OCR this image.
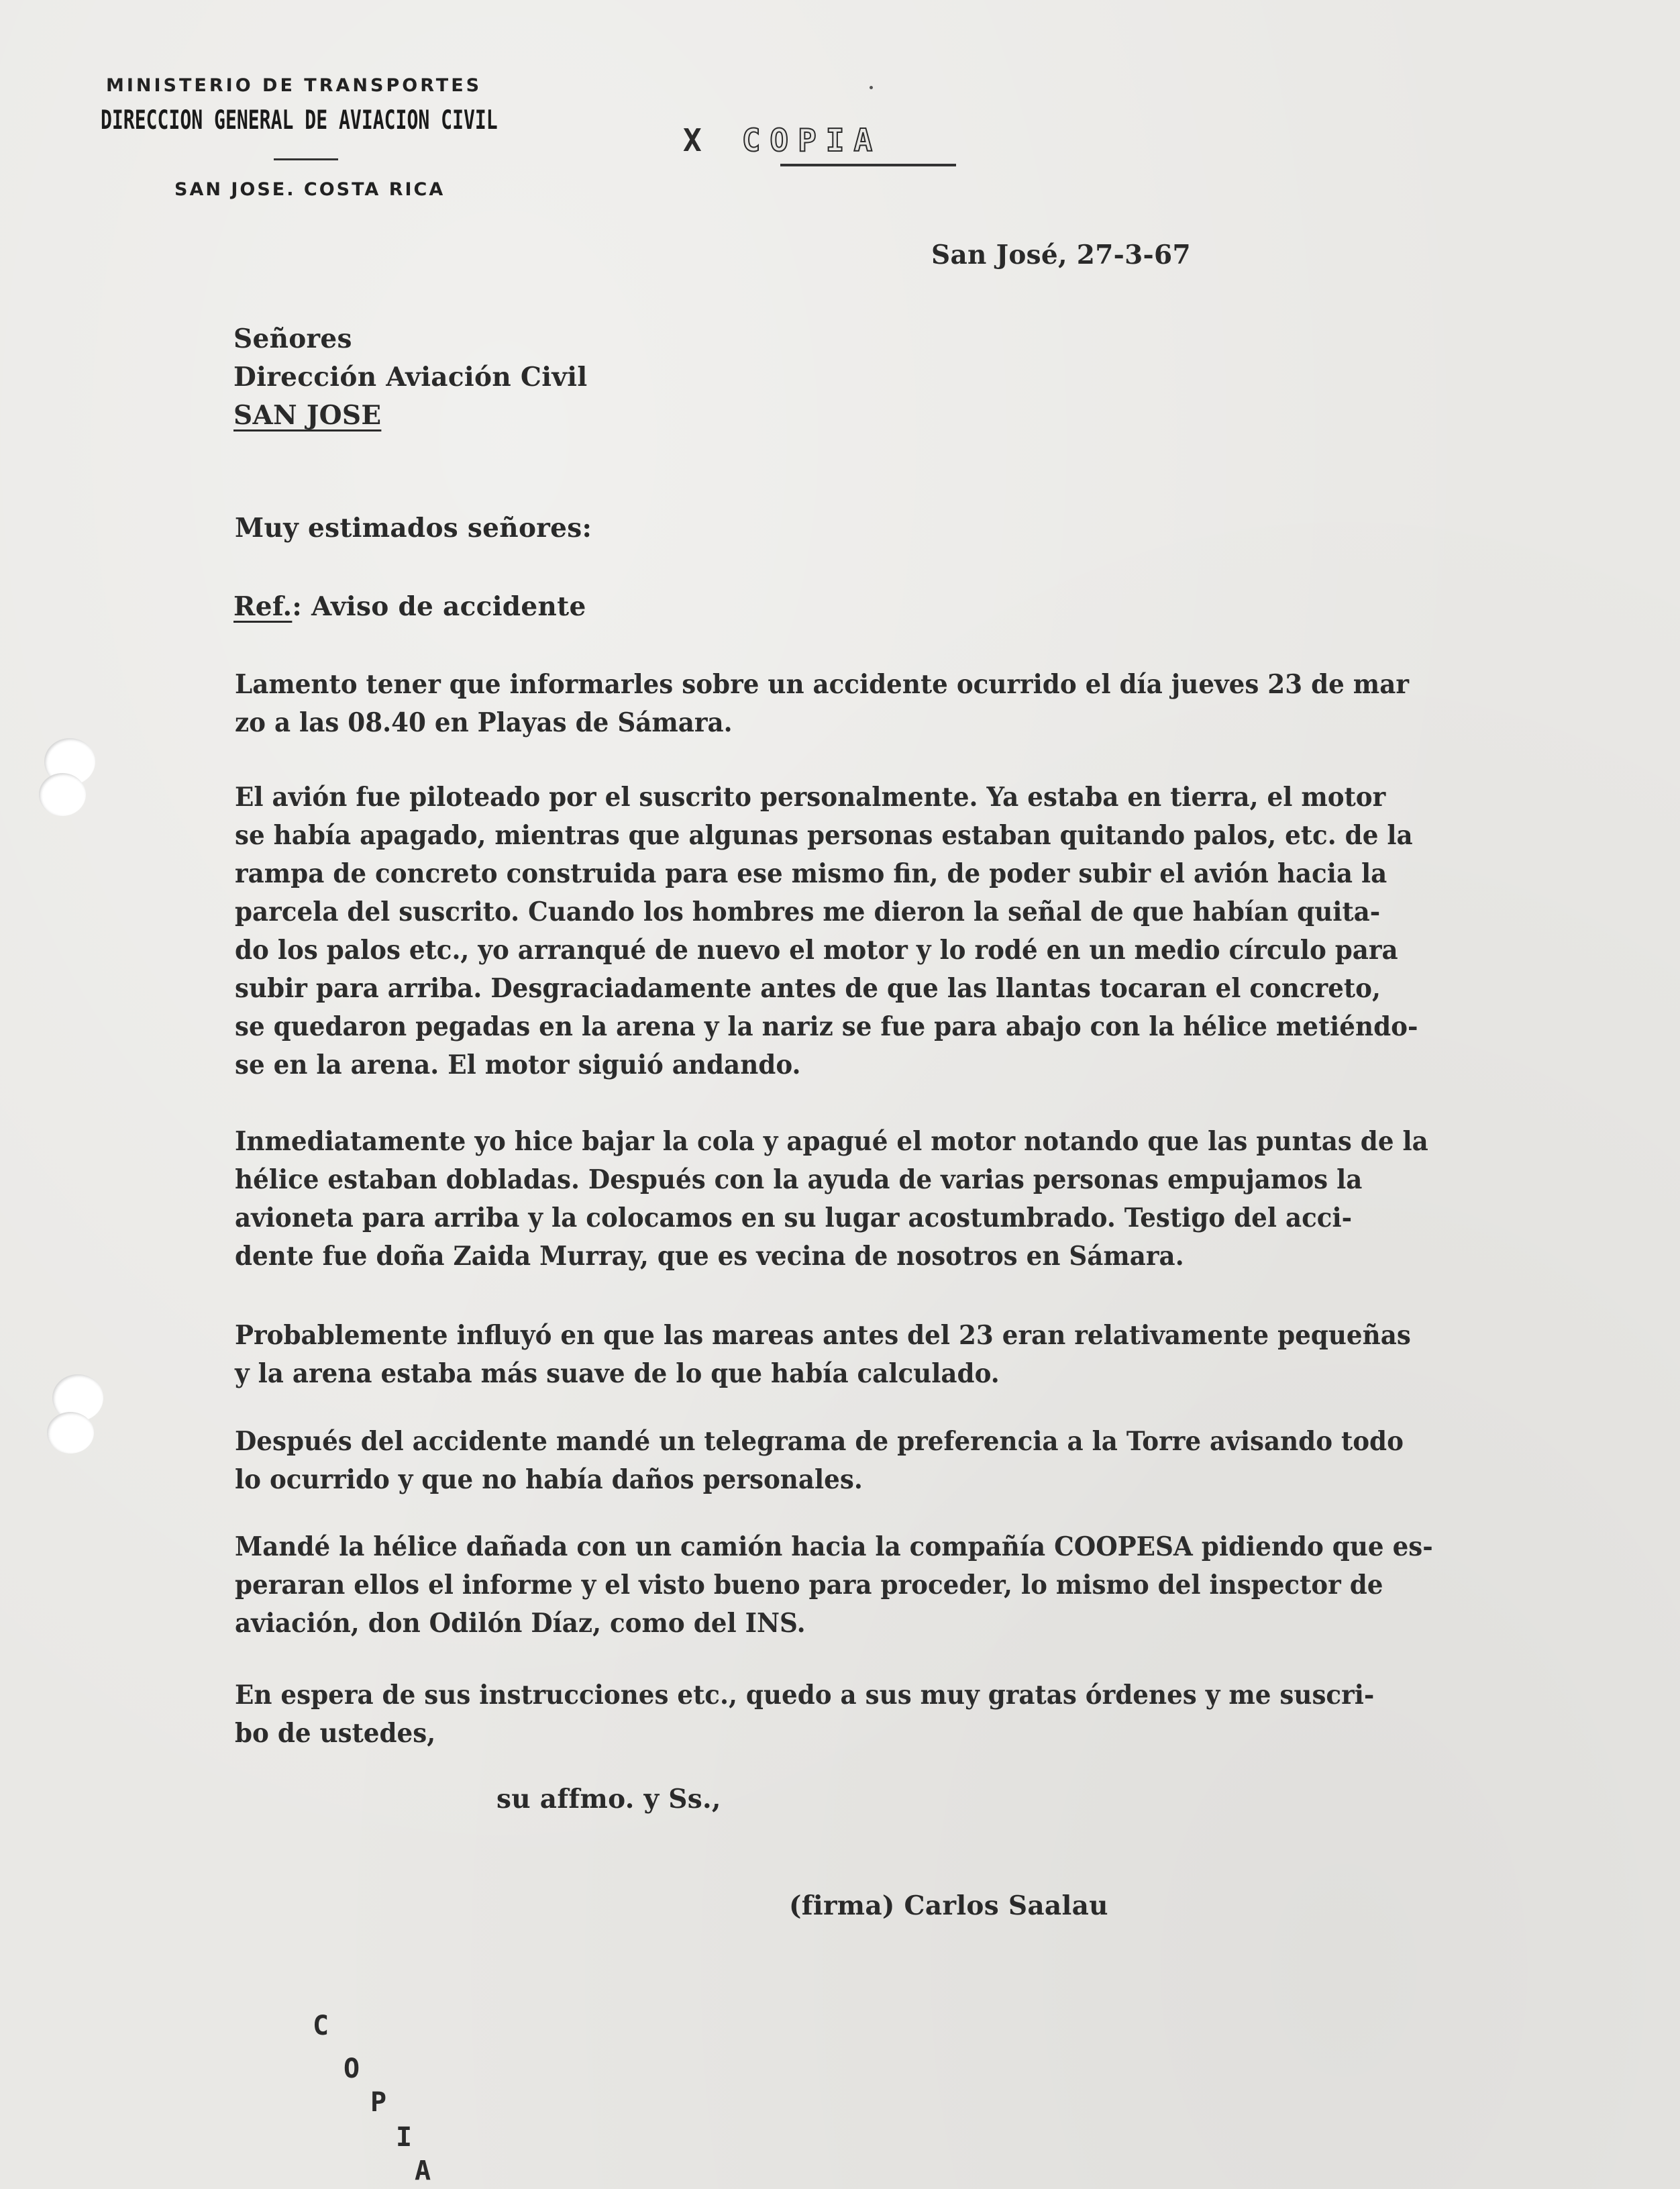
MINISTERIO DE TRANSPORTES
DIRECCION GENERAL DE AVIACION CIVIL
SAN JOSE. COSTA RICA
X COPIA
San José, 27-3-67
Señores
Dirección Aviación Civil
SAN JOSE
Muy estimados señores:
Ref.: Aviso de accidente
Lamento tener que informarles sobre un accidente ocurrido el día jueves 23 de mar
zo a las 08.40 en Playas de Sámara.
El avión fue piloteado por el suscrito personalmente. Ya estaba en tierra, el motor
se había apagado, mientras que algunas personas estaban quitando palos, etc. de la
rampa de concreto construida para ese mismo fin, de poder subir el avión hacia la
parcela del suscrito. Cuando los hombres me dieron la señal de que habían quita-
do los palos etc., yo arranqué de nuevo el motor y lo rodé en un medio círculo para
subir para arriba. Desgraciadamente antes de que las llantas tocaran el concreto,
se quedaron pegadas en la arena y la nariz se fue para abajo con la hélice metiéndo-
se en la arena. El motor siguió andando.
Inmediatamente yo hice bajar la cola y apagué el motor notando que las puntas de la
hélice estaban dobladas. Después con la ayuda de varias personas empujamos la
avioneta para arriba y la colocamos en su lugar acostumbrado. Testigo del acci-
dente fue doña Zaida Murray, que es vecina de nosotros en Sámara.
Probablemente influyó en que las mareas antes del 23 eran relativamente pequeñas
y la arena estaba más suave de lo que había calculado.
Después del accidente mandé un telegrama de preferencia a la Torre avisando todo
lo ocurrido y que no había daños personales.
Mandé la hélice dañada con un camión hacia la compañía COOPESA pidiendo que es-
peraran ellos el informe y el visto bueno para proceder, lo mismo del inspector de
aviación, don Odilón Díaz, como del INS.
En espera de sus instrucciones etc., quedo a sus muy gratas órdenes y me suscri-
bo de ustedes,
su affmo. y Ss.,
(firma) Carlos Saalau
C
O
P
I
A
